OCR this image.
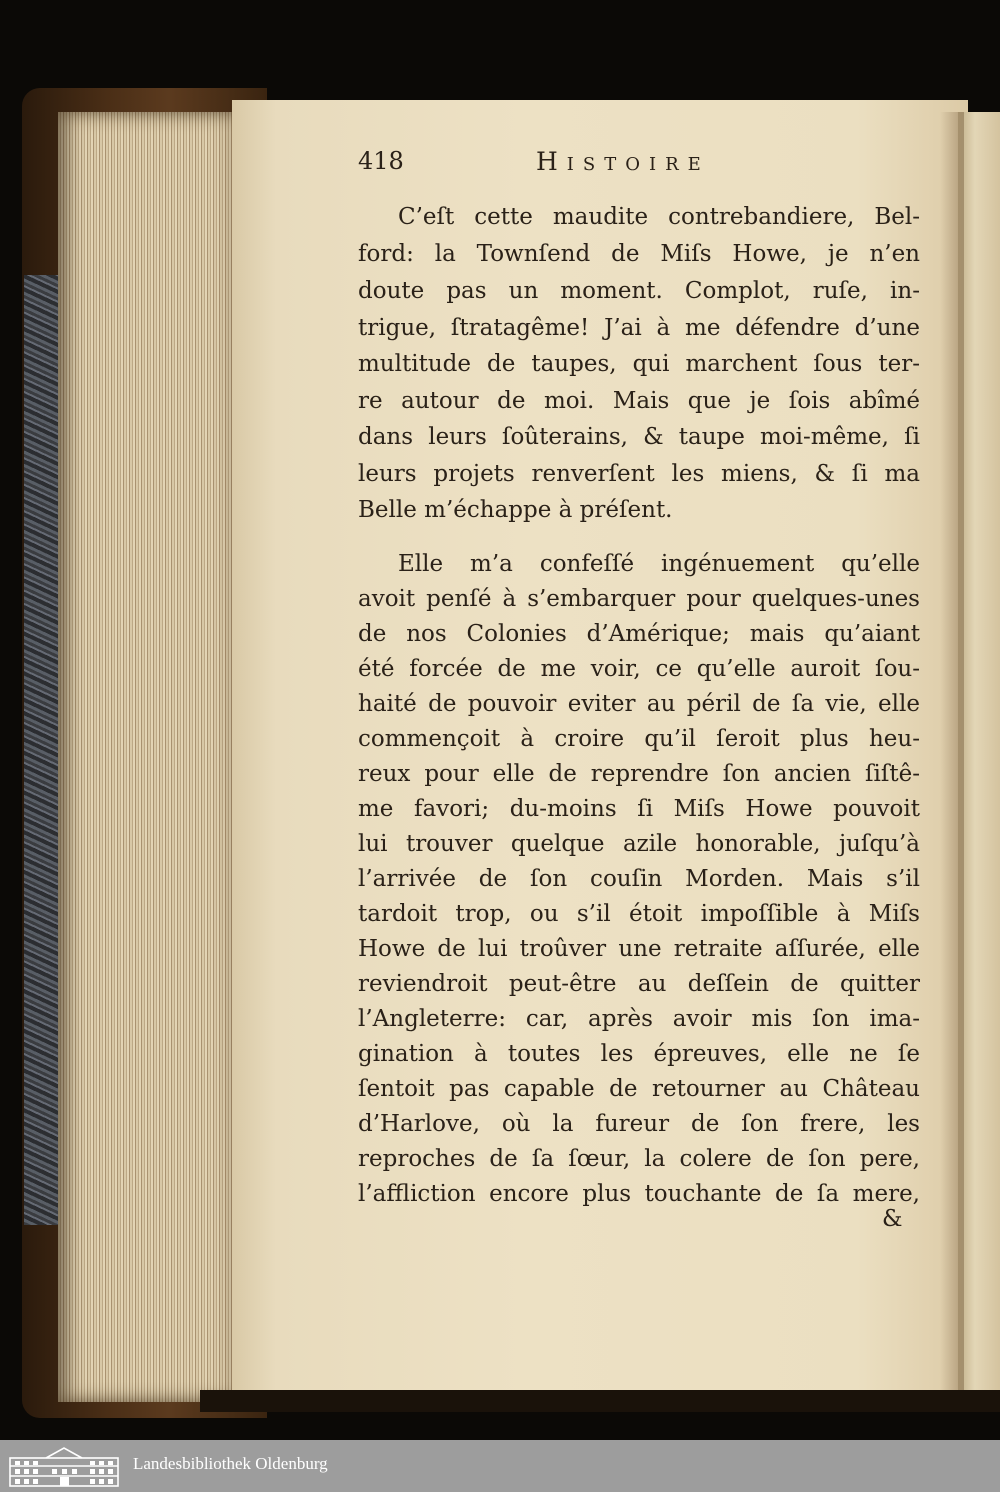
418	Histoire
C’eſt cette maudite contrebandiere, Bel-
ford: la Townſend de Miſs Howe, je n’en
doute pas un moment. Complot, ruſe, in-
trigue, ſtratagême! J’ai à me défendre d’une
multitude de taupes, qui marchent ſous ter-
re autour de moi. Mais que je ſois abîmé
dans leurs ſoûterains, & taupe moi-même, ſi
leurs projets renverſent les miens, & ſi ma
Belle m’échappe à préſent.
Elle m’a confeſſé ingénuement qu’elle
avoit penſé à s’embarquer pour quelques-unes
de nos Colonies d’Amérique; mais qu’aiant
été forcée de me voir, ce qu’elle auroit ſou-
haité de pouvoir eviter au péril de ſa vie, elle
commençoit à croire qu’il ſeroit plus heu-
reux pour elle de reprendre ſon ancien ſiſtê-
me favori; du-moins ſi Miſs Howe pouvoit
lui trouver quelque azile honorable, juſqu’à
l’arrivée de ſon couſin Morden. Mais s’il
tardoit trop, ou s’il étoit impoſſible à Miſs
Howe de lui troûver une retraite aſſurée, elle
reviendroit peut-être au deſſein de quitter
l’Angleterre: car, après avoir mis ſon ima-
gination à toutes les épreuves, elle ne ſe
ſentoit pas capable de retourner au Château
d’Harlove, où la fureur de ſon frere, les
reproches de ſa ſœur, la colere de ſon pere,
l’affliction encore plus touchante de ſa mere,
&
Landesbibliothek Oldenburg
